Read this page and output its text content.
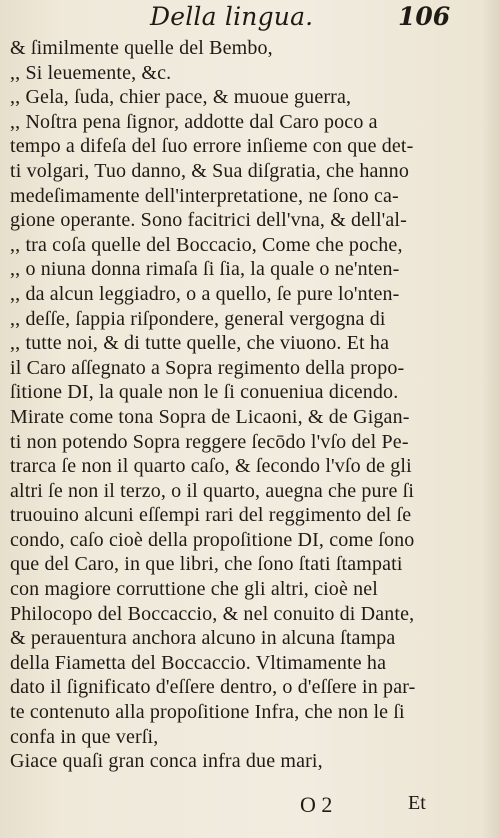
Della lingua.	106
& ſimilmente quelle del Bembo,
,, Si leuemente, &c.
,, Gela, ſuda, chier pace, & muoue guerra,
,, Noſtra pena ſignor, addotte dal Caro poco a
tempo a difeſa del ſuo errore inſieme con que det-
ti volgari, Tuo danno, & Sua diſgratia, che hanno
medeſimamente dell'interpretatione, ne ſono ca-
gione operante. Sono facitrici dell'vna, & dell'al-
,, tra coſa quelle del Boccacio, Come che poche,
,, o niuna donna rimaſa ſi ſia, la quale o ne'nten-
,, da alcun leggiadro, o a quello, ſe pure lo'nten-
,, deſſe, ſappia riſpondere, general vergogna di
,, tutte noi, & di tutte quelle, che viuono. Et ha
il Caro aſſegnato a Sopra regimento della propo-
ſitione DI, la quale non le ſi conueniua dicendo.
Mirate come tona Sopra de Licaoni, & de Gigan-
ti non potendo Sopra reggere ſecōdo l'vſo del Pe-
trarca ſe non il quarto caſo, & ſecondo l'vſo de gli
altri ſe non il terzo, o il quarto, auegna che pure ſi
truouino alcuni eſſempi rari del reggimento del ſe
condo, caſo cioè della propoſitione DI, come ſono
que del Caro, in que libri, che ſono ſtati ſtampati
con magiore corruttione che gli altri, cioè nel
Philocopo del Boccaccio, & nel conuito di Dante,
& perauentura anchora alcuno in alcuna ſtampa
della Fiametta del Boccaccio. Vltimamente ha
dato il ſignificato d'eſſere dentro, o d'eſſere in par-
te contenuto alla propoſitione Infra, che non le ſi
confa in que verſi,
Giace quaſi gran conca infra due mari,
O 2	Et
